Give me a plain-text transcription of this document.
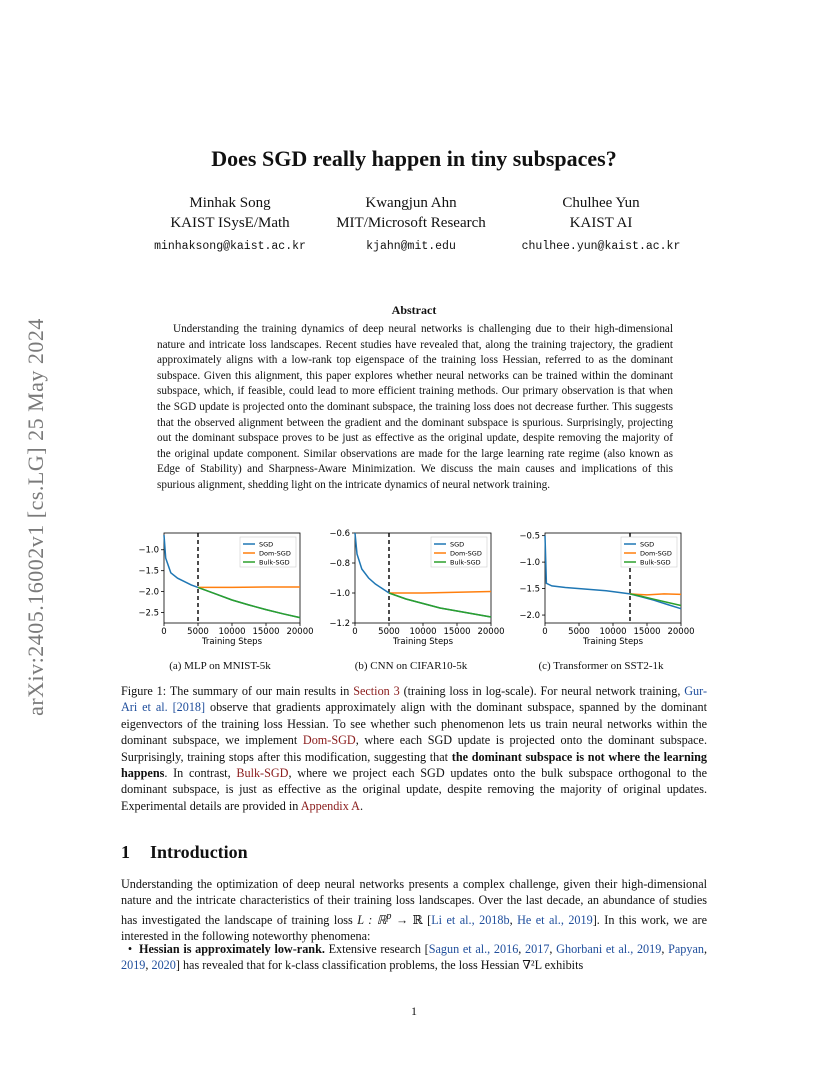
arXiv:2405.16002v1 [cs.LG] 25 May 2024
Does SGD really happen in tiny subspaces?
Minhak Song
KAIST ISysE/Math
minhaksong@kaist.ac.kr
Kwangjun Ahn
MIT/Microsoft Research
kjahn@mit.edu
Chulhee Yun
KAIST AI
chulhee.yun@kaist.ac.kr
Abstract
Understanding the training dynamics of deep neural networks is challenging due to their high-dimensional nature and intricate loss landscapes. Recent studies have revealed that, along the training trajectory, the gradient approximately aligns with a low-rank top eigenspace of the training loss Hessian, referred to as the dominant subspace. Given this alignment, this paper explores whether neural networks can be trained within the dominant subspace, which, if feasible, could lead to more efficient training methods. Our primary observation is that when the SGD update is projected onto the dominant subspace, the training loss does not decrease further. This suggests that the observed alignment between the gradient and the dominant subspace is spurious. Surprisingly, projecting out the dominant subspace proves to be just as effective as the original update, despite removing the majority of the original update component. Similar observations are made for the large learning rate regime (also known as Edge of Stability) and Sharpness-Aware Minimization. We discuss the main causes and implications of this spurious alignment, shedding light on the intricate dynamics of neural network training.
0 5000 10000 15000 20000
−1.0
−1.5
−2.0
−2.5
Training Steps
SGD
Dom-SGD
Bulk-SGD
(a) MLP on MNIST-5k
0 5000 10000 15000 20000
−0.6
−0.8
−1.0
−1.2
Training Steps
SGD
Dom-SGD
Bulk-SGD
(b) CNN on CIFAR10-5k
0 5000 10000 15000 20000
−0.5
−1.0
−1.5
−2.0
Training Steps
SGD
Dom-SGD
Bulk-SGD
(c) Transformer on SST2-1k
Figure 1: The summary of our main results in Section 3 (training loss in log-scale). For neural network training, Gur-Ari et al. [2018] observe that gradients approximately align with the dominant subspace, spanned by the dominant eigenvectors of the training loss Hessian. To see whether such phenomenon lets us train neural networks within the dominant subspace, we implement Dom-SGD, where each SGD update is projected onto the dominant subspace. Surprisingly, training stops after this modification, suggesting that the dominant subspace is not where the learning happens. In contrast, Bulk-SGD, where we project each SGD updates onto the bulk subspace orthogonal to the dominant subspace, is just as effective as the original update, despite removing the majority of original updates. Experimental details are provided in Appendix A.
1 Introduction
Understanding the optimization of deep neural networks presents a complex challenge, given their high-dimensional nature and the intricate characteristics of their training loss landscapes. Over the last decade, an abundance of studies has investigated the landscape of training loss L : ℝ$^p$ → ℝ [Li et al., 2018b, He et al., 2019]. In this work, we are interested in the following noteworthy phenomena:
• Hessian is approximately low-rank. Extensive research [Sagun et al., 2016, 2017, Ghorbani et al., 2019, Papyan, 2019, 2020] has revealed that for k-class classification problems, the loss Hessian ∇²L exhibits
1
